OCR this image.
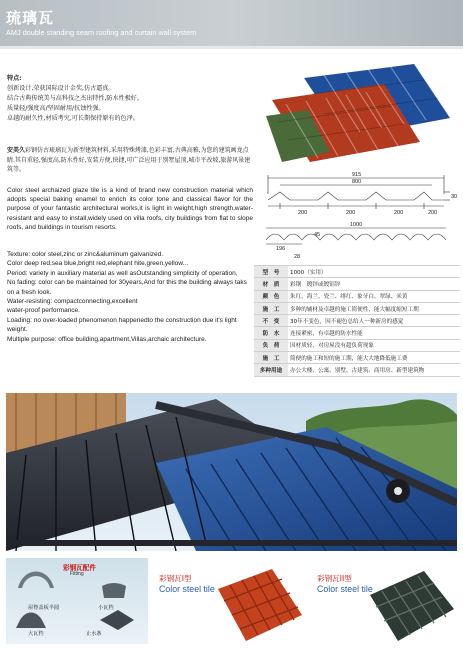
琉璃瓦
AMJ double standing seam roofing and curtain wall system
特点:
创新设计,荣获国际设计金奖,仿古逼真。
结合古典传统美与高科技之杰出特性,防水性极好。
质量轻/强度高/坚固耐用/抗蚀性强。
卓越的耐久性,材质考究,可长期保持原有的色泽。
安美久彩钢仿古琉璃瓦为新型建筑材料,采用特殊烤漆,色彩丰富,古典高雅,为您的建筑画龙点睛.其自重轻,强度高,防水性好,安装方便,快捷,可广泛应用于别墅屋顶,城市平改坡,旅游风景建筑等。
Color steel archaized glaze tile is a kind of brand new construction material which adopts special baking enamel to enrich its color tone and classical flavor for the purpose of your fantastic architectural works,it is light in weight,high strength,water-resistant and easy to install,widely used on villa roofs, city buildings from flat to slope roofs, and buildings in tourism resorts.
Texture: color steel,zinc or zinc&aluminum galvanized.
Color deep red,sea blue,bright red,elephant hite,green,yellow...
Period: variety in auxiliary material as well asOutstanding simplicity of operation,
No fading: color can be maintained for 30years,And for this the building always taks
on a fresh look.
Water-resisting: compactconnecting,excellent
water-proof performance.
Loading: no over-loaded phenomenon happenedto the construction due it's light weight.
Multiple purpose: office building,apartment,Villas,archaic architecture.
915
800
30
200	200	200	200
1000
196
28
45
型　号	1000（实用）
材　质	彩钢　镀锌或镀铝锌
颜　色	朱红、海兰、瓷兰、绯红、象牙白、翠绿、米黄
施　工	多种的辅材及卓越的施工简便性，能大幅度缩短工期
不　变	30年不变色，因不褪色总给人一种新房的感觉
防　水	连接紧密，有卓越的防水性能
负　荷	因材质轻，对房屋没有超负荷现象
施　工	简便的施工和短的施工期，能大大地降低施工费
多种用途	办公大楼、公寓、别墅、古建筑、商用房、新型建筑物
彩钢瓦配件
Fitting
屋脊盖板半圆	小瓦档
大瓦档	止水条
彩钢瓦I型
Color steel tile
彩钢瓦II型
Color steel tile
